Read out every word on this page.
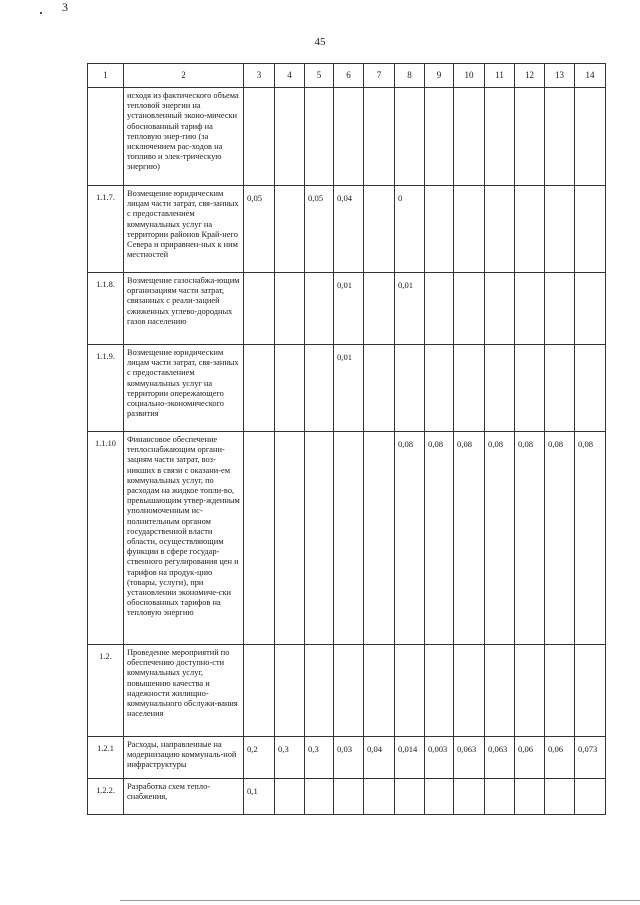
3
45
1	2	3	4	5	6	7	8	9	10	11	12	13	14
	исходя из фактического объема тепловой энергии на установленный эконо-мически обоснованный тариф на тепловую энер-гию (за исключением рас-ходов на топливо и элек-трическую энергию)												
1.1.7.	Возмещение юридическим лицам части затрат, свя-занных с предоставлением коммунальных услуг на территории районов Край-него Севера и приравнен-ных к ним местностей	0,05		0,05	0,04		0						
1.1.8.	Возмещение газоснабжа-ющим организациям части затрат, связанных с реали-зацией сжиженных углево-дородных газов населению				0,01		0,01						
1.1.9.	Возмещение юридическим лицам части затрат, свя-занных с предоставлением коммунальных услуг на территории опережающего социально-экономического развития				0,01								
1.1.10	Финансовое обеспечение теплоснабжающим органи-зациям части затрат, воз-никших в связи с оказани-ем коммунальных услуг, по расходам на жидкое топли-во, превышающим утвер-жденным уполномоченным ис-полнительным органом государственной власти области, осуществляющим функции в сфере государ-ственного регулирования цен и тарифов на продук-цию (товары, услуги), при установлении экономиче-ски обоснованных тарифов на тепловую энергию						0,08	0,08	0,08	0,08	0,08	0,08	0,08
1.2.	Проведение мероприятий по обеспечению доступно-сти коммунальных услуг, повышению качества и надежности жилищно-коммунального обслужи-вания населения												
1.2.1	Расходы, направленные на модернизацию коммуналь-ной инфраструктуры	0,2	0,3	0,3	0,03	0,04	0,014	0,003	0,063	0,063	0,06	0,06	0,073
1.2.2.	Разработка схем тепло-снабжения,	0,1											
